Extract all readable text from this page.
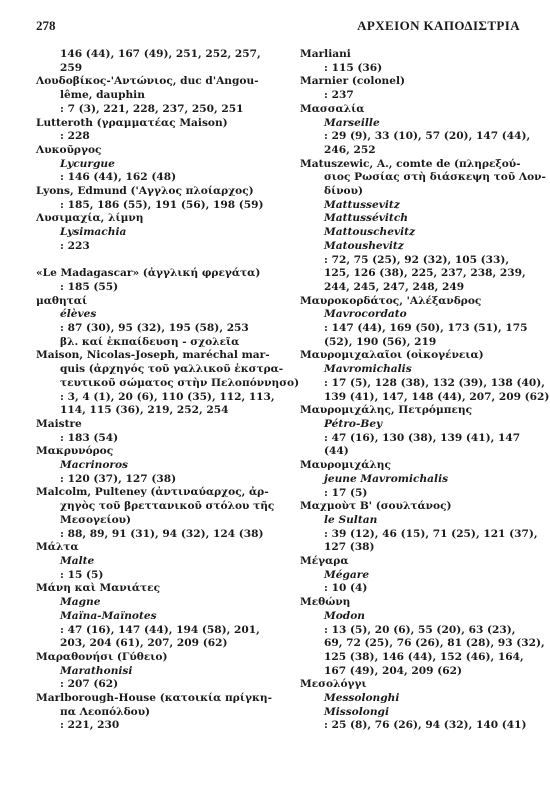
278	ΑΡΧΕΙΟΝ ΚΑΠΟΔΙΣΤΡΙΑ
146 (44), 167 (49), 251, 252, 257,
259
Λουδοβίκος-'Αντώνιος, duc d'Angou-
lême, dauphin
: 7 (3), 221, 228, 237, 250, 251
Lutteroth (γραμματέας Maison)
: 228
Λυκοῦργος
Lycurgue
: 146 (44), 162 (48)
Lyons, Edmund ('Αγγλος πλοίαρχος)
: 185, 186 (55), 191 (56), 198 (59)
Λυσιμαχία, λίμνη
Lysimachia
: 223
«Le Madagascar» (ἀγγλική φρεγάτα)
: 185 (55)
μαθηταί
élèves
: 87 (30), 95 (32), 195 (58), 253
βλ. καί ἐκπαίδευση - σχολεῖα
Maison, Nicolas-Joseph, maréchal mar-
quis (ἀρχηγός τοῦ γαλλικοῦ ἐκστρα-
τευτικοῦ σώματος στὴν Πελοπόννησο)
: 3, 4 (1), 20 (6), 110 (35), 112, 113,
114, 115 (36), 219, 252, 254
Maistre
: 183 (54)
Μακρυνόρος
Macrinoros
: 120 (37), 127 (38)
Malcolm, Pulteney (ἀντιναύαρχος, ἀρ-
χηγὸς τοῦ βρεττανικοῦ στόλου τῆς
Μεσογείου)
: 88, 89, 91 (31), 94 (32), 124 (38)
Μάλτα
Malte
: 15 (5)
Μάνη καὶ Μανιάτες
Magne
Maïna-Maïnotes
: 47 (16), 147 (44), 194 (58), 201,
203, 204 (61), 207, 209 (62)
Μαραθονήσι (Γύθειο)
Marathonisi
: 207 (62)
Marlborough-House (κατοικία πρίγκη-
πα Λεοπόλδου)
: 221, 230
Marliani
: 115 (36)
Marnier (colonel)
: 237
Μασσαλία
Marseille
: 29 (9), 33 (10), 57 (20), 147 (44),
246, 252
Matuszewic, A., comte de (πληρεξού-
σιος Ρωσίας στὴ διάσκεψη τοῦ Λον-
δίνου)
Mattussevitz
Mattussévitch
Mattouschevitz
Matoushevitz
: 72, 75 (25), 92 (32), 105 (33),
125, 126 (38), 225, 237, 238, 239,
244, 245, 247, 248, 249
Μαυροκορδάτος, 'Αλέξανδρος
Mavrocordato
: 147 (44), 169 (50), 173 (51), 175
(52), 190 (56), 219
Μαυρομιχαλαῖοι (οἰκογένεια)
Mavromichalis
: 17 (5), 128 (38), 132 (39), 138 (40),
139 (41), 147, 148 (44), 207, 209 (62)
Μαυρομιχάλης, Πετρόμπεης
Pétro-Bey
: 47 (16), 130 (38), 139 (41), 147
(44)
Μαυρομιχάλης
jeune Mavromichalis
: 17 (5)
Μαχμοὺτ Β' (σουλτάνος)
le Sultan
: 39 (12), 46 (15), 71 (25), 121 (37),
127 (38)
Μέγαρα
Mégare
: 10 (4)
Μεθώνη
Modon
: 13 (5), 20 (6), 55 (20), 63 (23),
69, 72 (25), 76 (26), 81 (28), 93 (32),
125 (38), 146 (44), 152 (46), 164,
167 (49), 204, 209 (62)
Μεσολόγγι
Messolonghi
Missolongi
: 25 (8), 76 (26), 94 (32), 140 (41)
